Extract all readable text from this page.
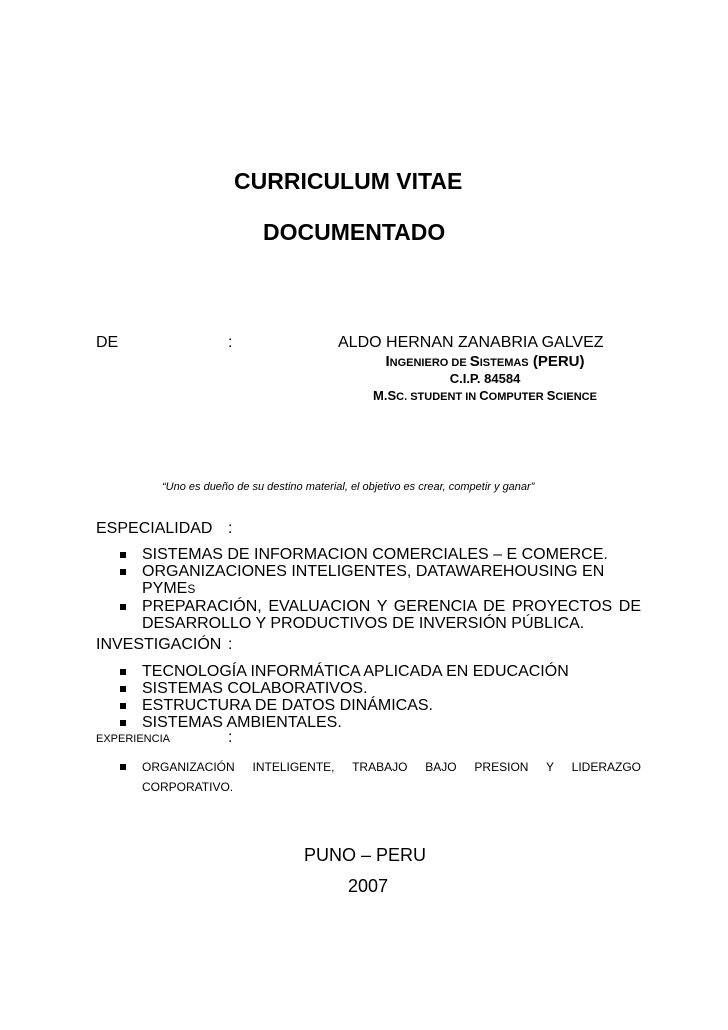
CURRICULUM VITAE
DOCUMENTADO
DE	:	ALDO HERNAN ZANABRIA GALVEZ
INGENIERO DE SISTEMAS (PERU)
C.I.P. 84584
M.SC. STUDENT IN COMPUTER SCIENCE
“Uno es dueño de su destino material, el objetivo es crear, competir y ganar”
ESPECIALIDAD :
SISTEMAS DE INFORMACION COMERCIALES – E COMERCE.
ORGANIZACIONES INTELIGENTES, DATAWAREHOUSING EN PYMES
PREPARACIÓN, EVALUACION Y GERENCIA DE PROYECTOS DE
DESARROLLO Y PRODUCTIVOS DE INVERSIÓN PÚBLICA.
INVESTIGACIÓN :
TECNOLOGÍA INFORMÁTICA APLICADA EN EDUCACIÓN
SISTEMAS COLABORATIVOS.
ESTRUCTURA DE DATOS DINÁMICAS.
SISTEMAS AMBIENTALES.
EXPERIENCIA	:
ORGANIZACIÓN INTELIGENTE, TRABAJO BAJO PRESION Y LIDERAZGO
CORPORATIVO.
PUNO – PERU
2007
